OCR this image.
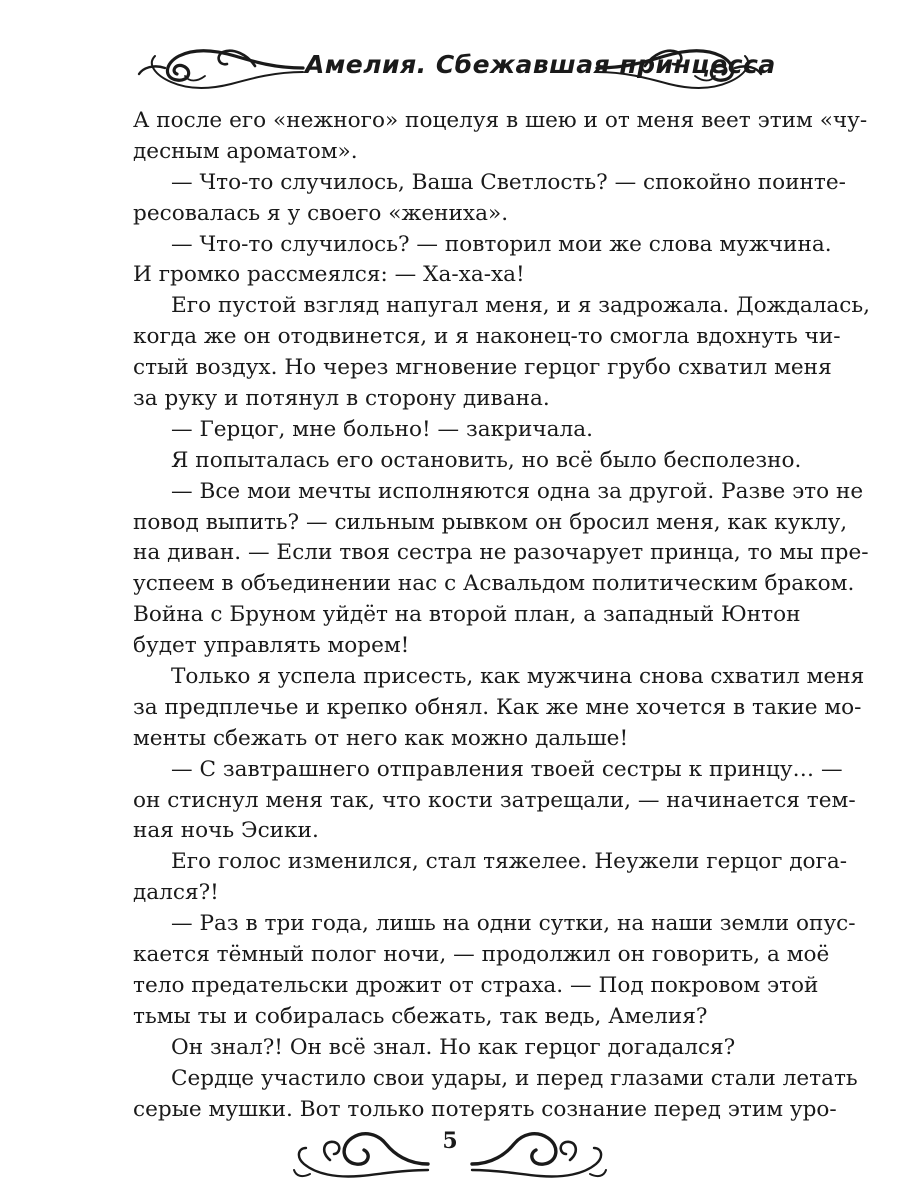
Амелия. Сбежавшая принцесса
А после его «нежного» поцелуя в шею и от меня веет этим «чу-
десным ароматом».
— Что-то случилось, Ваша Светлость? — спокойно поинте-
ресовалась я у своего «жениха».
— Что-то случилось? — повторил мои же слова мужчина.
И громко рассмеялся: — Ха-ха-ха!
Его пустой взгляд напугал меня, и я задрожала. Дождалась,
когда же он отодвинется, и я наконец-то смогла вдохнуть чи-
стый воздух. Но через мгновение герцог грубо схватил меня
за руку и потянул в сторону дивана.
— Герцог, мне больно! — закричала.
Я попыталась его остановить, но всё было бесполезно.
— Все мои мечты исполняются одна за другой. Разве это не
повод выпить? — сильным рывком он бросил меня, как куклу,
на диван. — Если твоя сестра не разочарует принца, то мы пре-
успеем в объединении нас с Асвальдом политическим браком.
Война с Бруном уйдёт на второй план, а западный Юнтон
будет управлять морем!
Только я успела присесть, как мужчина снова схватил меня
за предплечье и крепко обнял. Как же мне хочется в такие мо-
менты сбежать от него как можно дальше!
— С завтрашнего отправления твоей сестры к принцу… —
он стиснул меня так, что кости затрещали, — начинается тем-
ная ночь Эсики.
Его голос изменился, стал тяжелее. Неужели герцог дога-
дался?!
— Раз в три года, лишь на одни сутки, на наши земли опус-
кается тёмный полог ночи, — продолжил он говорить, а моё
тело предательски дрожит от страха. — Под покровом этой
тьмы ты и собиралась сбежать, так ведь, Амелия?
Он знал?! Он всё знал. Но как герцог догадался?
Сердце участило свои удары, и перед глазами стали летать
серые мушки. Вот только потерять сознание перед этим уро-
5
